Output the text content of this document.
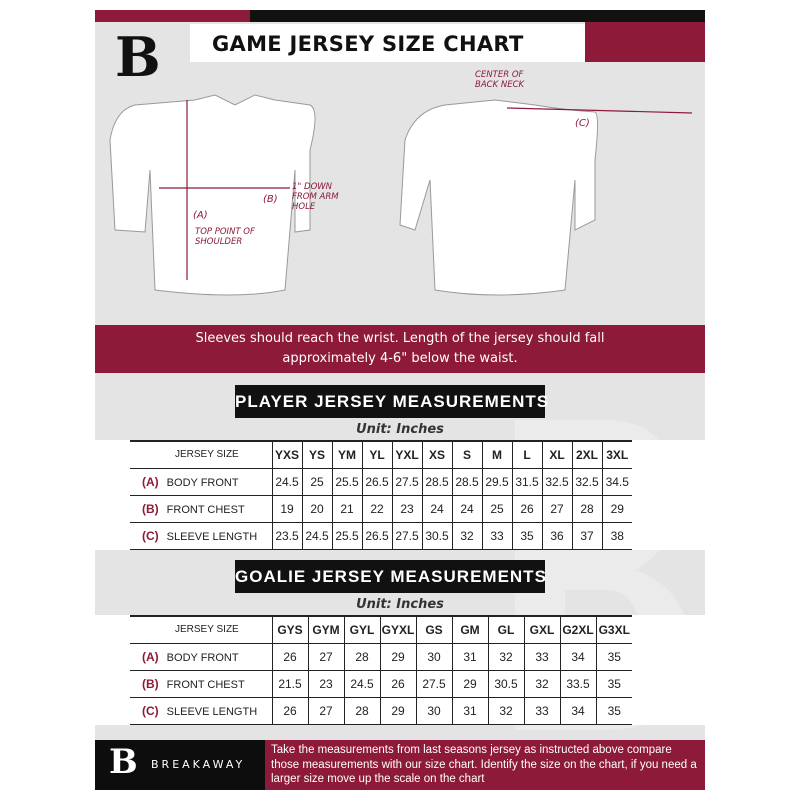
B	GAME JERSEY SIZE CHART
(B)
(A)
(C)
TOP POINT OF SHOULDER
1" DOWN FROM ARM HOLE
CENTER OF BACK NECK
Sleeves should reach the wrist. Length of the jersey should fall approximately 4-6" below the waist.
PLAYER JERSEY MEASUREMENTS
Unit: Inches
JERSEY SIZE	YXS	YS	YM	YL	YXL	XS	S	M	L	XL	2XL	3XL
(A) BODY FRONT	24.5	25	25.5	26.5	27.5	28.5	28.5	29.5	31.5	32.5	32.5	34.5
(B) FRONT CHEST	19	20	21	22	23	24	24	25	26	27	28	29
(C) SLEEVE LENGTH	23.5	24.5	25.5	26.5	27.5	30.5	32	33	35	36	37	38
GOALIE JERSEY MEASUREMENTS
Unit: Inches
JERSEY SIZE	GYS	GYM	GYL	GYXL	GS	GM	GL	GXL	G2XL	G3XL
(A) BODY FRONT	26	27	28	29	30	31	32	33	34	35
(B) FRONT CHEST	21.5	23	24.5	26	27.5	29	30.5	32	33.5	35
(C) SLEEVE LENGTH	26	27	28	29	30	31	32	33	34	35
B BREAKAWAY
Take the measurements from last seasons jersey as instructed above compare those measurements with our size chart. Identify the size on the chart, if you need a larger size move up the scale on the chart
